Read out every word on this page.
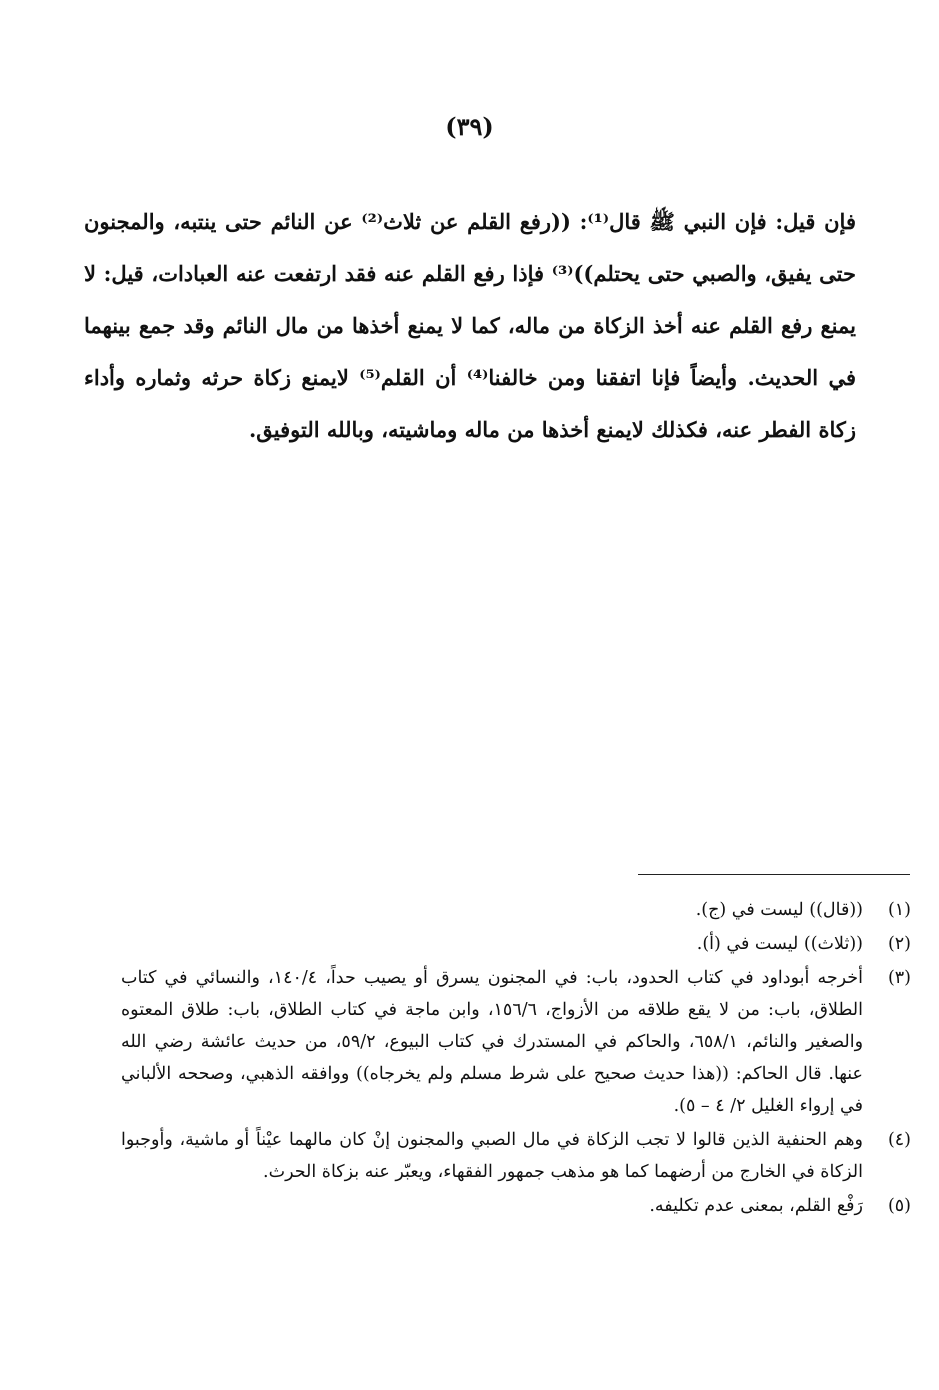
(٣٩)

فإن قيل: فإن النبي ﷺ قال⁽¹⁾: ((رفع القلم عن ثلاث⁽²⁾ عن النائم حتى ينتبه، والمجنون حتى يفيق، والصبي حتى يحتلم))⁽³⁾ فإذا رفع القلم عنه فقد ارتفعت عنه العبادات، قيل: لا يمنع رفع القلم عنه أخذ الزكاة من ماله، كما لا يمنع أخذها من مال النائم وقد جمع بينهما في الحديث. وأيضاً فإنا اتفقنا ومن خالفنا⁽⁴⁾ أن القلم⁽⁵⁾ لايمنع زكاة حرثه وثماره وأداء زكاة الفطر عنه، فكذلك لايمنع أخذها من ماله وماشيته، وبالله التوفيق.

(١)
((قال)) ليست في (ج).
(٢)
((ثلاث)) ليست في (أ).
(٣)
أخرجه أبوداود في كتاب الحدود، باب: في المجنون يسرق أو يصيب حداً، ١٤٠/٤، والنسائي في كتاب الطلاق، باب: من لا يقع طلاقه من الأزواج، ١٥٦/٦، وابن ماجة في كتاب الطلاق، باب: طلاق المعتوه والصغير والنائم، ٦٥٨/١، والحاكم في المستدرك في كتاب البيوع، ٥٩/٢، من حديث عائشة رضي الله عنها. قال الحاكم: ((هذا حديث صحيح على شرط مسلم ولم يخرجاه)) ووافقه الذهبي، وصححه الألباني في إرواء الغليل ٢/ ٤ – ٥).
(٤)
وهم الحنفية الذين قالوا لا تجب الزكاة في مال الصبي والمجنون إنْ كان مالهما عيْناً أو ماشية، وأوجبوا الزكاة في الخارج من أرضهما كما هو مذهب جمهور الفقهاء، ويعبّر عنه بزكاة الحرث.
(٥)
رَفْع القلم، بمعنى عدم تكليفه.
